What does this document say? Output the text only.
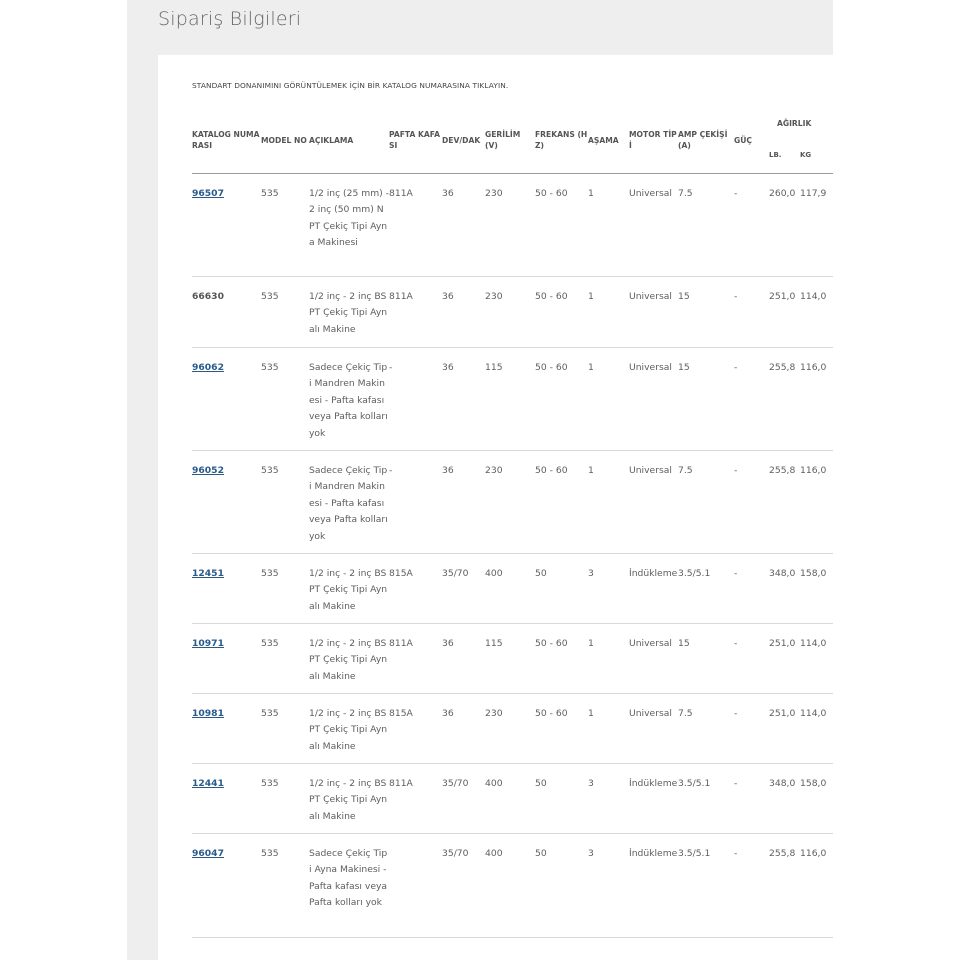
Sipariş Bilgileri
STANDART DONANIMINI GÖRÜNTÜLEMEK İÇİN BİR KATALOG NUMARASINA TIKLAYIN.
KATALOG NUMARASI	MODEL NO	AÇIKLAMA	PAFTA KAFASI	DEV/DAK	GERİLİM (V)	FREKANS (HZ)	AŞAMA	MOTOR TİPİ	AMP ÇEKİŞİ (A)	GÜÇ	AĞIRLIK	
											LB.	KG
96507	535	1/2 inç (25 mm) - 2 inç (50 mm) NPT Çekiç Tipi Ayna Makinesi	811A	36	230	50 - 60	1	Universal	7.5	-	260,0	117,9
66630	535	1/2 inç - 2 inç BSPT Çekiç Tipi Aynalı Makine	811A	36	230	50 - 60	1	Universal	15	-	251,0	114,0
96062	535	Sadece Çekiç Tipi Mandren Makinesi - Pafta kafası veya Pafta kolları yok	-	36	115	50 - 60	1	Universal	15	-	255,8	116,0
96052	535	Sadece Çekiç Tipi Mandren Makinesi - Pafta kafası veya Pafta kolları yok	-	36	230	50 - 60	1	Universal	7.5	-	255,8	116,0
12451	535	1/2 inç - 2 inç BSPT Çekiç Tipi Aynalı Makine	815A	35/70	400	50	3	İndükleme	3.5/5.1	-	348,0	158,0
10971	535	1/2 inç - 2 inç BSPT Çekiç Tipi Aynalı Makine	811A	36	115	50 - 60	1	Universal	15	-	251,0	114,0
10981	535	1/2 inç - 2 inç BSPT Çekiç Tipi Aynalı Makine	815A	36	230	50 - 60	1	Universal	7.5	-	251,0	114,0
12441	535	1/2 inç - 2 inç BSPT Çekiç Tipi Aynalı Makine	811A	35/70	400	50	3	İndükleme	3.5/5.1	-	348,0	158,0
96047	535	Sadece Çekiç Tipi Ayna Makinesi - Pafta kafası veya Pafta kolları yok		35/70	400	50	3	İndükleme	3.5/5.1	-	255,8	116,0
